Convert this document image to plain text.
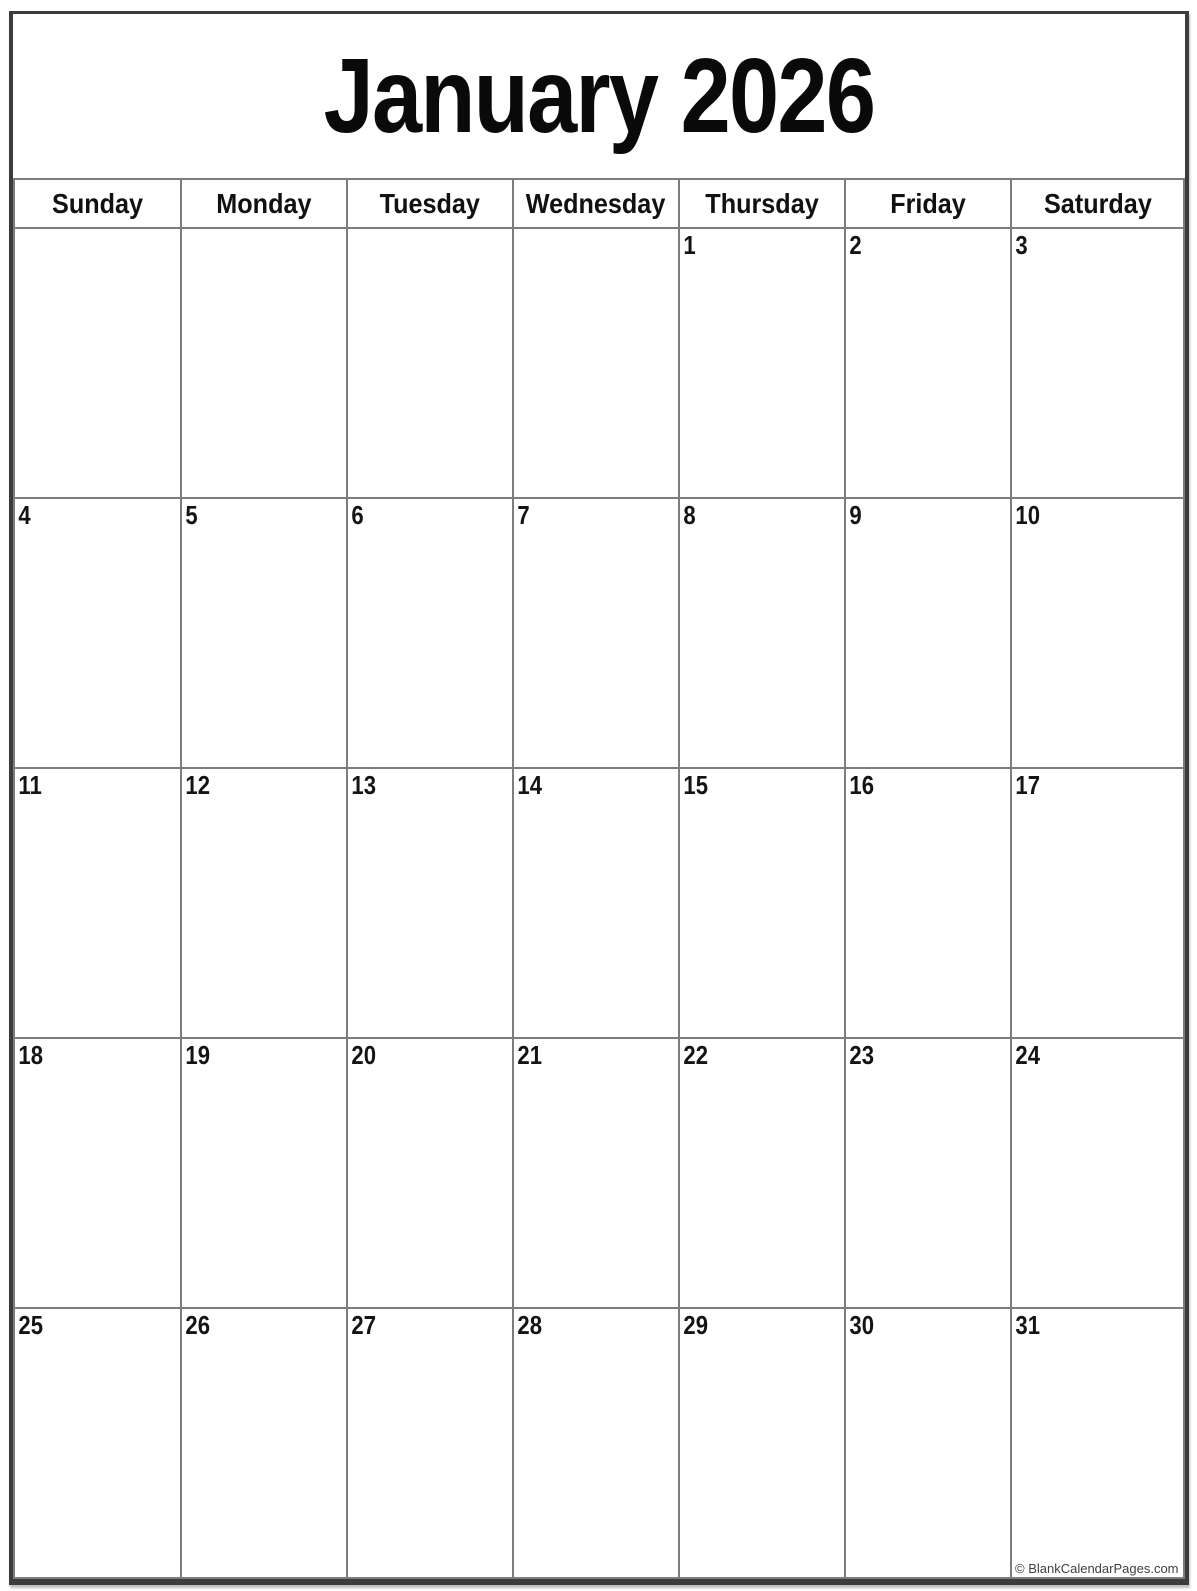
January 2026
Sunday	Monday	Tuesday	Wednesday	Thursday	Friday	Saturday
				1	2	3
4	5	6	7	8	9	10
11	12	13	14	15	16	17
18	19	20	21	22	23	24
25	26	27	28	29	30	31
© BlankCalendarPages.com
